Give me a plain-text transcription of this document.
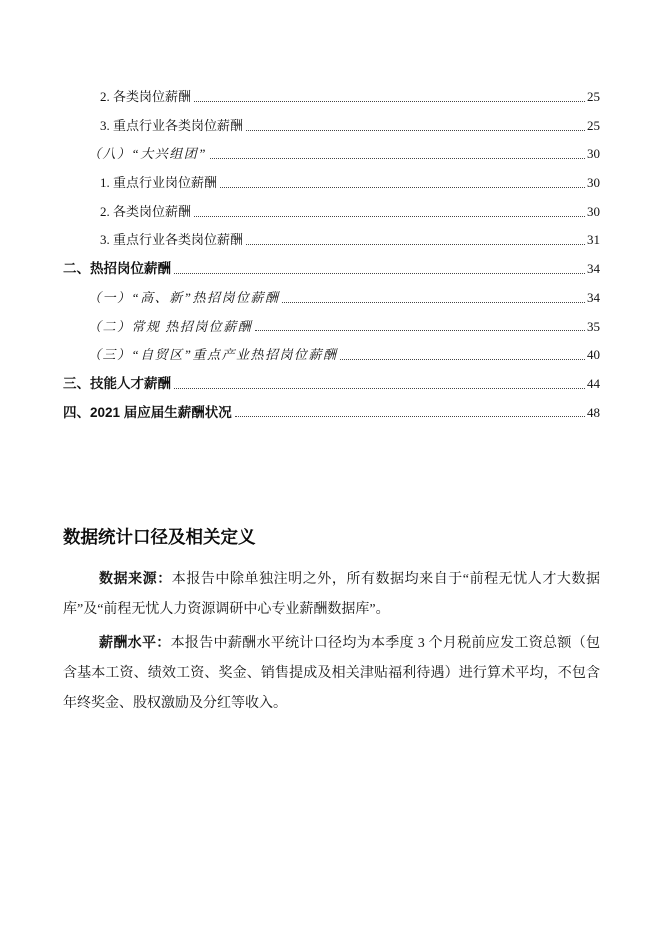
2. 各类岗位薪酬	25
3. 重点行业各类岗位薪酬	25
（八）“大兴组团”	30
1. 重点行业岗位薪酬	30
2. 各类岗位薪酬	30
3. 重点行业各类岗位薪酬	31
二、热招岗位薪酬	34
（一）“高、新”热招岗位薪酬	34
（二）常规 热招岗位薪酬	35
（三）“自贸区”重点产业热招岗位薪酬	40
三、技能人才薪酬	44
四、2021 届应届生薪酬状况	48
数据统计口径及相关定义

数据来源：本报告中除单独注明之外，所有数据均来自于“前程无忧人才大数据库”及“前程无忧人力资源调研中心专业薪酬数据库”。

薪酬水平：本报告中薪酬水平统计口径均为本季度 3 个月税前应发工资总额（包含基本工资、绩效工资、奖金、销售提成及相关津贴福利待遇）进行算术平均，不包含年终奖金、股权激励及分红等收入。
